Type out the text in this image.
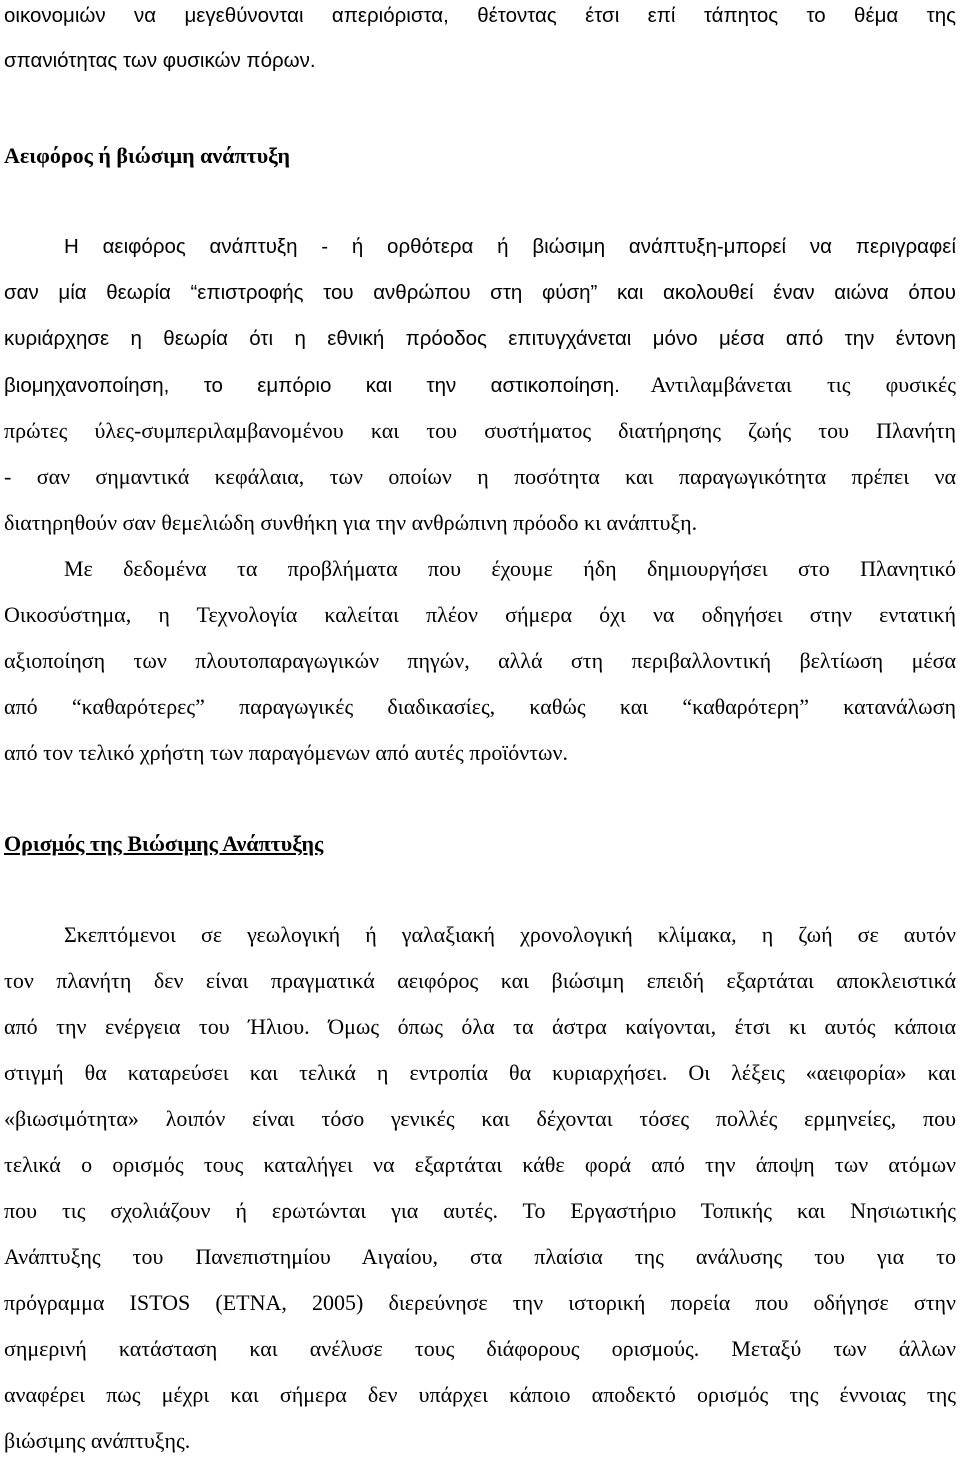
οικονομιών να μεγεθύνονται απεριόριστα, θέτοντας έτσι επί τάπητος το θέμα της
σπανιότητας των φυσικών πόρων.
Αειφόρος ή βιώσιμη ανάπτυξη
Η αειφόρος ανάπτυξη - ή ορθότερα ή βιώσιμη ανάπτυξη-μπορεί να περιγραφεί
σαν μία θεωρία “επιστροφής του ανθρώπου στη φύση” και ακολουθεί έναν αιώνα όπου
κυριάρχησε η θεωρία ότι η εθνική πρόοδος επιτυγχάνεται μόνο μέσα από την έντονη
βιομηχανοποίηση, το εμπόριο και την αστικοποίηση. Αντιλαμβάνεται τις φυσικές
πρώτες ύλες-συμπεριλαμβανομένου και του συστήματος διατήρησης ζωής του Πλανήτη
- σαν σημαντικά κεφάλαια, των οποίων η ποσότητα και παραγωγικότητα πρέπει να
διατηρηθούν σαν θεμελιώδη συνθήκη για την ανθρώπινη πρόοδο κι ανάπτυξη.
Με δεδομένα τα προβλήματα που έχουμε ήδη δημιουργήσει στο Πλανητικό
Οικοσύστημα, η Τεχνολογία καλείται πλέον σήμερα όχι να οδηγήσει στην εντατική
αξιοποίηση των πλουτοπαραγωγικών πηγών, αλλά στη περιβαλλοντική βελτίωση μέσα
από “καθαρότερες” παραγωγικές διαδικασίες, καθώς και “καθαρότερη” κατανάλωση
από τον τελικό χρήστη των παραγόμενων από αυτές προϊόντων.
Ορισμός της Βιώσιμης Ανάπτυξης
Σκεπτόμενοι σε γεωλογική ή γαλαξιακή χρονολογική κλίμακα, η ζωή σε αυτόν
τον πλανήτη δεν είναι πραγματικά αειφόρος και βιώσιμη επειδή εξαρτάται αποκλειστικά
από την ενέργεια του Ήλιου. Όμως όπως όλα τα άστρα καίγονται, έτσι κι αυτός κάποια
στιγμή θα καταρεύσει και τελικά η εντροπία θα κυριαρχήσει. Οι λέξεις «αειφορία» και
«βιωσιμότητα» λοιπόν είναι τόσο γενικές και δέχονται τόσες πολλές ερμηνείες, που
τελικά ο ορισμός τους καταλήγει να εξαρτάται κάθε φορά από την άποψη των ατόμων
που τις σχολιάζουν ή ερωτώνται για αυτές. Το Εργαστήριο Τοπικής και Νησιωτικής
Ανάπτυξης του Πανεπιστημίου Αιγαίου, στα πλαίσια της ανάλυσης του για το
πρόγραμμα ISTOS (ETNA, 2005) διερεύνησε την ιστορική πορεία που οδήγησε στην
σημερινή κατάσταση και ανέλυσε τους διάφορους ορισμούς. Μεταξύ των άλλων
αναφέρει πως μέχρι και σήμερα δεν υπάρχει κάποιο αποδεκτό ορισμός της έννοιας της
βιώσιμης ανάπτυξης.
